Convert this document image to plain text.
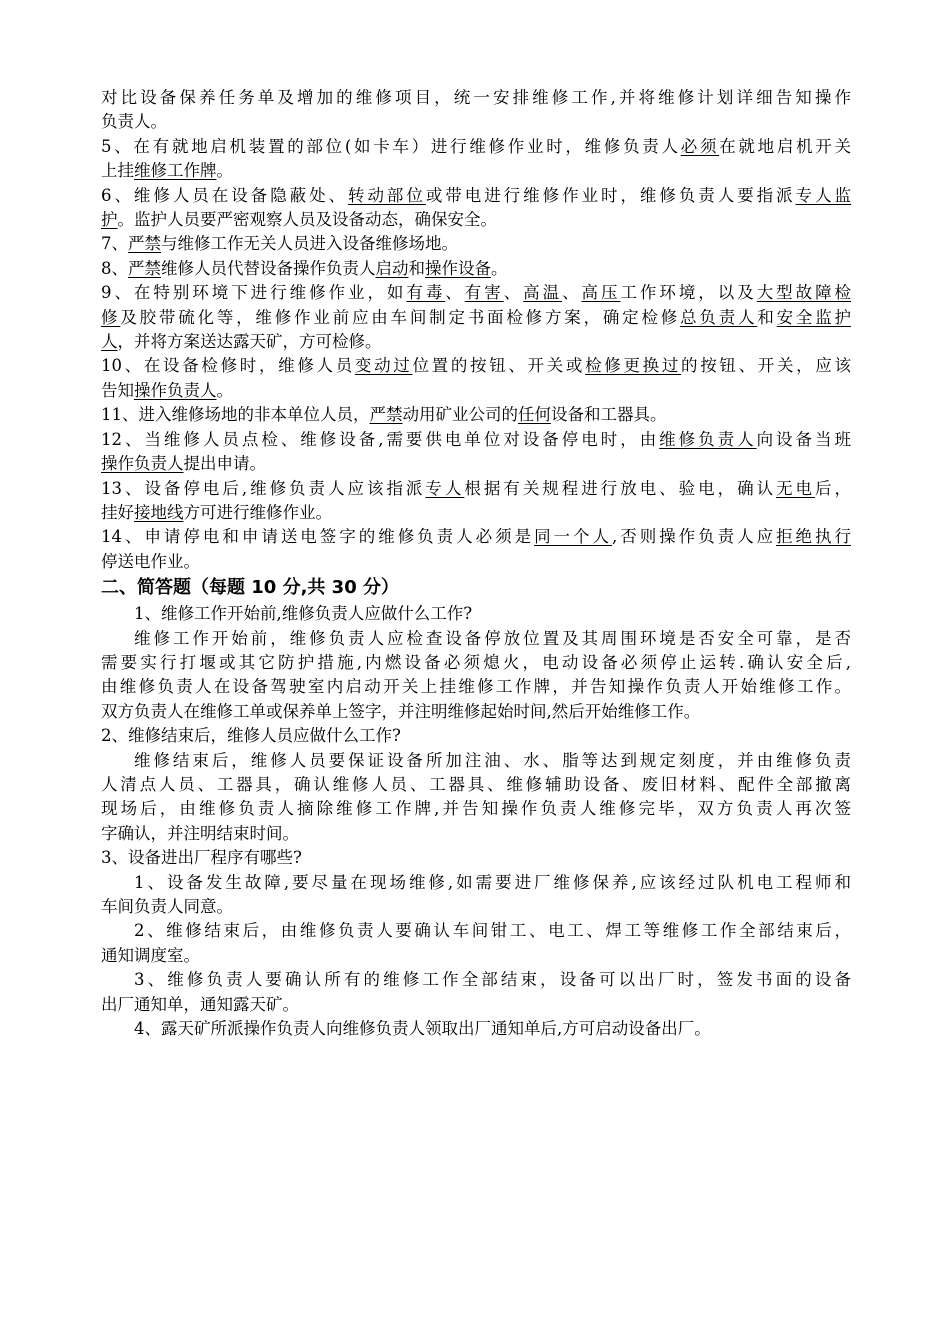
对比设备保养任务单及增加的维修项目，统一安排维修工作,并将维修计划详细告知操作
负责人。
5、在有就地启机装置的部位(如卡车）进行维修作业时，维修负责人必须在就地启机开关
上挂维修工作牌。
6、维修人员在设备隐蔽处、转动部位或带电进行维修作业时，维修负责人要指派专人监
护。监护人员要严密观察人员及设备动态，确保安全。
7、严禁与维修工作无关人员进入设备维修场地。
8、严禁维修人员代替设备操作负责人启动和操作设备。
9、在特别环境下进行维修作业，如有毒、有害、高温、高压工作环境，以及大型故障检
修及胶带硫化等，维修作业前应由车间制定书面检修方案，确定检修总负责人和安全监护
人，并将方案送达露天矿，方可检修。
10、在设备检修时，维修人员变动过位置的按钮、开关或检修更换过的按钮、开关，应该
告知操作负责人。
11、进入维修场地的非本单位人员，严禁动用矿业公司的任何设备和工器具。
12、当维修人员点检、维修设备,需要供电单位对设备停电时，由维修负责人向设备当班
操作负责人提出申请。
13、设备停电后,维修负责人应该指派专人根据有关规程进行放电、验电，确认无电后，
挂好接地线方可进行维修作业。
14、申请停电和申请送电签字的维修负责人必须是同一个人,否则操作负责人应拒绝执行
停送电作业。
二、简答题（每题 10 分,共 30 分）
1、维修工作开始前,维修负责人应做什么工作?
维修工作开始前，维修负责人应检查设备停放位置及其周围环境是否安全可靠，是否
需要实行打堰或其它防护措施,内燃设备必须熄火，电动设备必须停止运转.确认安全后,
由维修负责人在设备驾驶室内启动开关上挂维修工作牌，并告知操作负责人开始维修工作。
双方负责人在维修工单或保养单上签字，并注明维修起始时间,然后开始维修工作。
2、维修结束后，维修人员应做什么工作?
维修结束后，维修人员要保证设备所加注油、水、脂等达到规定刻度，并由维修负责
人清点人员、工器具，确认维修人员、工器具、维修辅助设备、废旧材料、配件全部撤离
现场后，由维修负责人摘除维修工作牌,并告知操作负责人维修完毕，双方负责人再次签
字确认，并注明结束时间。
3、设备进出厂程序有哪些?
1、设备发生故障,要尽量在现场维修,如需要进厂维修保养,应该经过队机电工程师和
车间负责人同意。
2、维修结束后，由维修负责人要确认车间钳工、电工、焊工等维修工作全部结束后，
通知调度室。
3、维修负责人要确认所有的维修工作全部结束，设备可以出厂时，签发书面的设备
出厂通知单，通知露天矿。
4、露天矿所派操作负责人向维修负责人领取出厂通知单后,方可启动设备出厂。
